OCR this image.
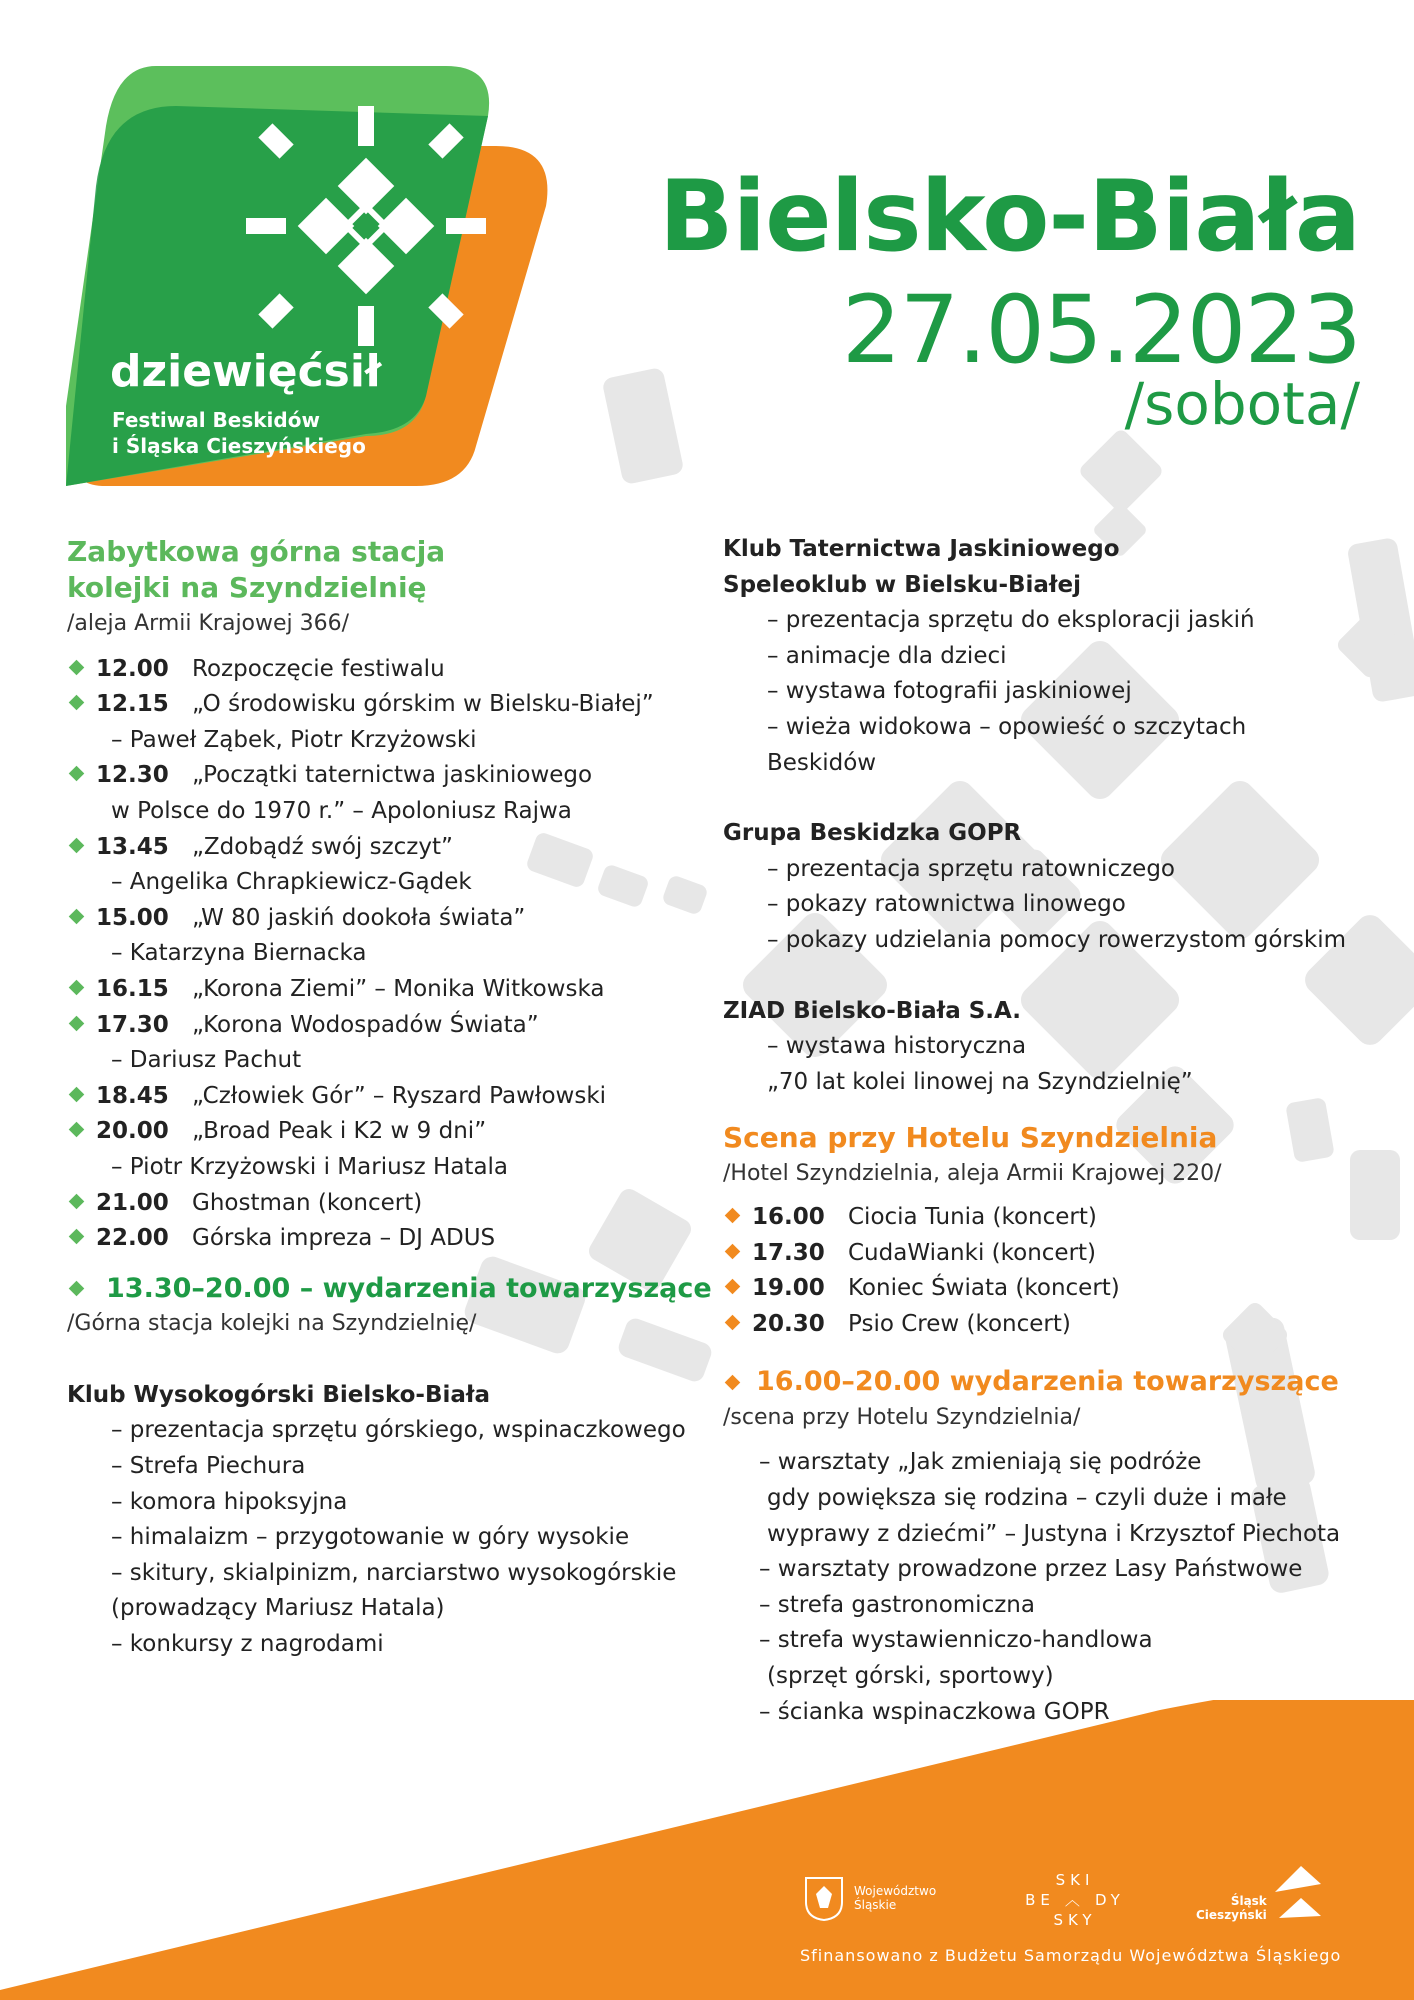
dziewięćsił
Festiwal Beskidów
i Śląska Cieszyńskiego
Bielsko-Biała
27.05.2023
/sobota/
Zabytkowa górna stacja
kolejki na Szyndzielnię
/aleja Armii Krajowej 366/
12.00	Rozpoczęcie festiwalu
12.15	„O środowisku górskim w Bielsku-Białej”
– Paweł Ząbek, Piotr Krzyżowski
12.30	„Początki taternictwa jaskiniowego
w Polsce do 1970 r.” – Apoloniusz Rajwa
13.45	„Zdobądź swój szczyt”
– Angelika Chrapkiewicz-Gądek
15.00	„W 80 jaskiń dookoła świata”
– Katarzyna Biernacka
16.15	„Korona Ziemi” – Monika Witkowska
17.30	„Korona Wodospadów Świata”
– Dariusz Pachut
18.45	„Człowiek Gór” – Ryszard Pawłowski
20.00	„Broad Peak i K2 w 9 dni”
– Piotr Krzyżowski i Mariusz Hatala
21.00	Ghostman (koncert)
22.00	Górska impreza – DJ ADUS
13.30–20.00 – wydarzenia towarzyszące
/Górna stacja kolejki na Szyndzielnię/
Klub Wysokogórski Bielsko-Biała
– prezentacja sprzętu górskiego, wspinaczkowego
– Strefa Piechura
– komora hipoksyjna
– himalaizm – przygotowanie w góry wysokie
– skitury, skialpinizm, narciarstwo wysokogórskie
(prowadzący Mariusz Hatala)
– konkursy z nagrodami
Klub Taternictwa Jaskiniowego
Speleoklub w Bielsku-Białej
– prezentacja sprzętu do eksploracji jaskiń
– animacje dla dzieci
– wystawa fotografii jaskiniowej
– wieża widokowa – opowieść o szczytach
Beskidów
Grupa Beskidzka GOPR
– prezentacja sprzętu ratowniczego
– pokazy ratownictwa linowego
– pokazy udzielania pomocy rowerzystom górskim
ZIAD Bielsko-Biała S.A.
– wystawa historyczna
„70 lat kolei linowej na Szyndzielnię”
Scena przy Hotelu Szyndzielnia
/Hotel Szyndzielnia, aleja Armii Krajowej 220/
16.00	Ciocia Tunia (koncert)
17.30	CudaWianki (koncert)
19.00	Koniec Świata (koncert)
20.30	Psio Crew (koncert)
16.00–20.00 wydarzenia towarzyszące
/scena przy Hotelu Szyndzielnia/
– warsztaty „Jak zmieniają się podróże
gdy powiększa się rodzina – czyli duże i małe
wyprawy z dziećmi” – Justyna i Krzysztof Piechota
– warsztaty prowadzone przez Lasy Państwowe
– strefa gastronomiczna
– strefa wystawienniczo-handlowa
(sprzęt górski, sportowy)
– ścianka wspinaczkowa GOPR
Województwo
Śląskie
SKI
BE ︿ DY
SKY
Śląsk
Cieszyński
Sfinansowano z Budżetu Samorządu Województwa Śląskiego
